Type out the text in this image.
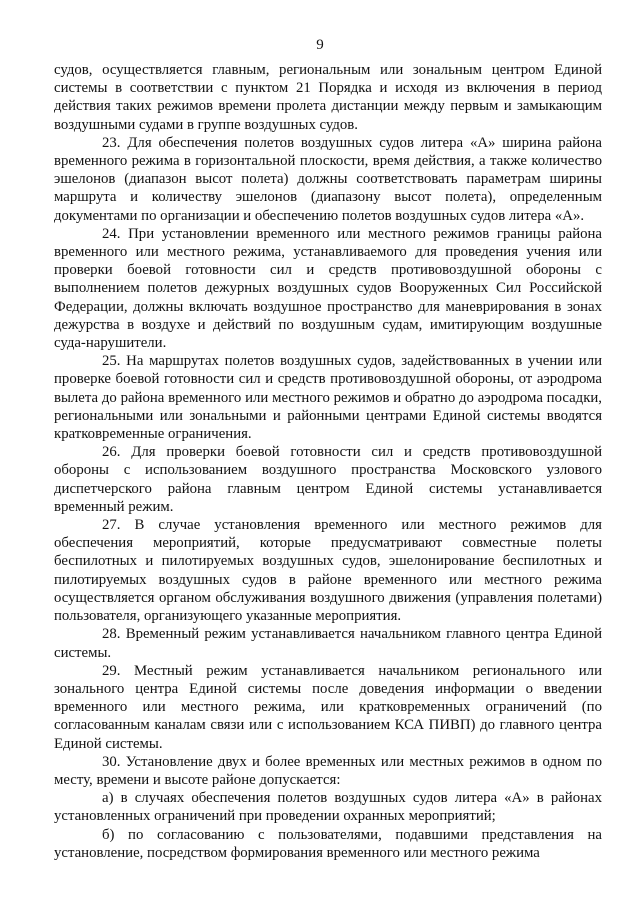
9

судов, осуществляется главным, региональным или зональным центром Единой системы в соответствии с пунктом 21 Порядка и исходя из включения в период действия таких режимов времени пролета дистанции между первым и замыкающим воздушными судами в группе воздушных судов.

23. Для обеспечения полетов воздушных судов литера «А» ширина района временного режима в горизонтальной плоскости, время действия, а также количество эшелонов (диапазон высот полета) должны соответствовать параметрам ширины маршрута и количеству эшелонов (диапазону высот полета), определенным документами по организации и обеспечению полетов воздушных судов литера «А».

24. При установлении временного или местного режимов границы района временного или местного режима, устанавливаемого для проведения учения или проверки боевой готовности сил и средств противовоздушной обороны с выполнением полетов дежурных воздушных судов Вооруженных Сил Российской Федерации, должны включать воздушное пространство для маневрирования в зонах дежурства в воздухе и действий по воздушным судам, имитирующим воздушные суда-нарушители.

25. На маршрутах полетов воздушных судов, задействованных в учении или проверке боевой готовности сил и средств противовоздушной обороны, от аэродрома вылета до района временного или местного режимов и обратно до аэродрома посадки, региональными или зональными и районными центрами Единой системы вводятся кратковременные ограничения.

26. Для проверки боевой готовности сил и средств противовоздушной обороны с использованием воздушного пространства Московского узлового диспетчерского района главным центром Единой системы устанавливается временный режим.

27. В случае установления временного или местного режимов для обеспечения мероприятий, которые предусматривают совместные полеты беспилотных и пилотируемых воздушных судов, эшелонирование беспилотных и пилотируемых воздушных судов в районе временного или местного режима осуществляется органом обслуживания воздушного движения (управления полетами) пользователя, организующего указанные мероприятия.

28. Временный режим устанавливается начальником главного центра Единой системы.

29. Местный режим устанавливается начальником регионального или зонального центра Единой системы после доведения информации о введении временного или местного режима, или кратковременных ограничений (по согласованным каналам связи или с использованием КСА ПИВП) до главного центра Единой системы.

30. Установление двух и более временных или местных режимов в одном по месту, времени и высоте районе допускается:

а) в случаях обеспечения полетов воздушных судов литера «А» в районах установленных ограничений при проведении охранных мероприятий;

б) по согласованию с пользователями, подавшими представления на установление, посредством формирования временного или местного режима
